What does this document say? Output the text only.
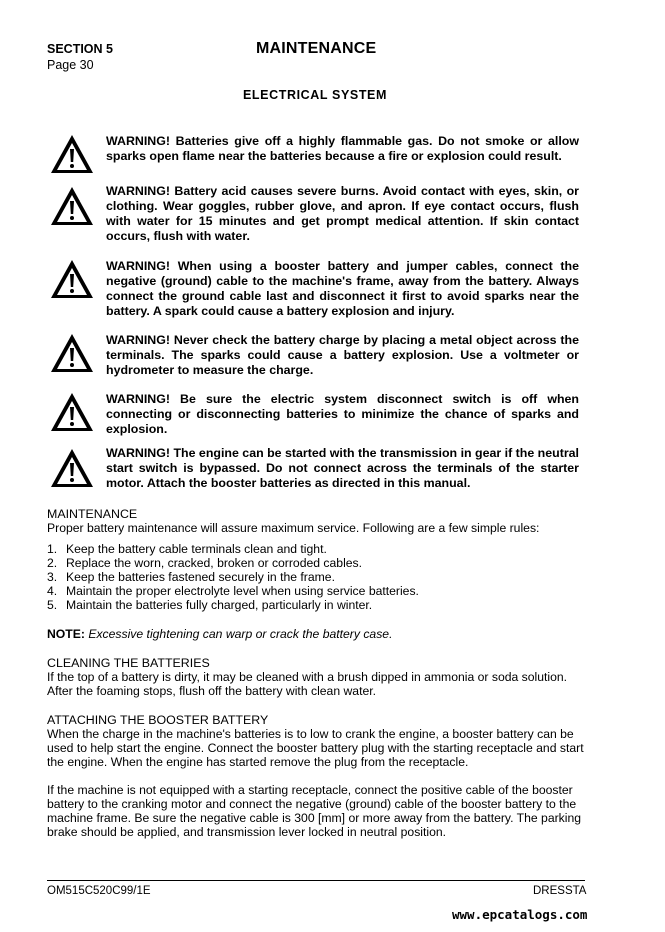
SECTION 5
Page 30
MAINTENANCE
ELECTRICAL SYSTEM
WARNING! Batteries give off a highly flammable gas. Do not smoke or allow sparks open flame near the batteries because a fire or explosion could result.
WARNING! Battery acid causes severe burns. Avoid contact with eyes, skin, or clothing. Wear goggles, rubber glove, and apron. If eye contact occurs, flush with water for 15 minutes and get prompt medical attention. If skin contact occurs, flush with water.
WARNING! When using a booster battery and jumper cables, connect the negative (ground) cable to the machine's frame, away from the battery. Always connect the ground cable last and disconnect it first to avoid sparks near the battery. A spark could cause a battery explosion and injury.
WARNING! Never check the battery charge by placing a metal object across the terminals. The sparks could cause a battery explosion. Use a voltmeter or hydrometer to measure the charge.
WARNING! Be sure the electric system disconnect switch is off when connecting or disconnecting batteries to minimize the chance of sparks and explosion.
WARNING! The engine can be started with the transmission in gear if the neutral start switch is bypassed. Do not connect across the terminals of the starter motor. Attach the booster batteries as directed in this manual.
MAINTENANCE
Proper battery maintenance will assure maximum service. Following are a few simple rules:
1. Keep the battery cable terminals clean and tight.
2. Replace the worn, cracked, broken or corroded cables.
3. Keep the batteries fastened securely in the frame.
4. Maintain the proper electrolyte level when using service batteries.
5. Maintain the batteries fully charged, particularly in winter.
NOTE: Excessive tightening can warp or crack the battery case.
CLEANING THE BATTERIES
If the top of a battery is dirty, it may be cleaned with a brush dipped in ammonia or soda solution. After the foaming stops, flush off the battery with clean water.
ATTACHING THE BOOSTER BATTERY
When the charge in the machine's batteries is to low to crank the engine, a booster battery can be used to help start the engine. Connect the booster battery plug with the starting receptacle and start the engine. When the engine has started remove the plug from the receptacle.
If the machine is not equipped with a starting receptacle, connect the positive cable of the booster battery to the cranking motor and connect the negative (ground) cable of the booster battery to the machine frame. Be sure the negative cable is 300 [mm] or more away from the battery. The parking brake should be applied, and transmission lever locked in neutral position.
OM515C520C99/1E	DRESSTA
www.epcatalogs.com
